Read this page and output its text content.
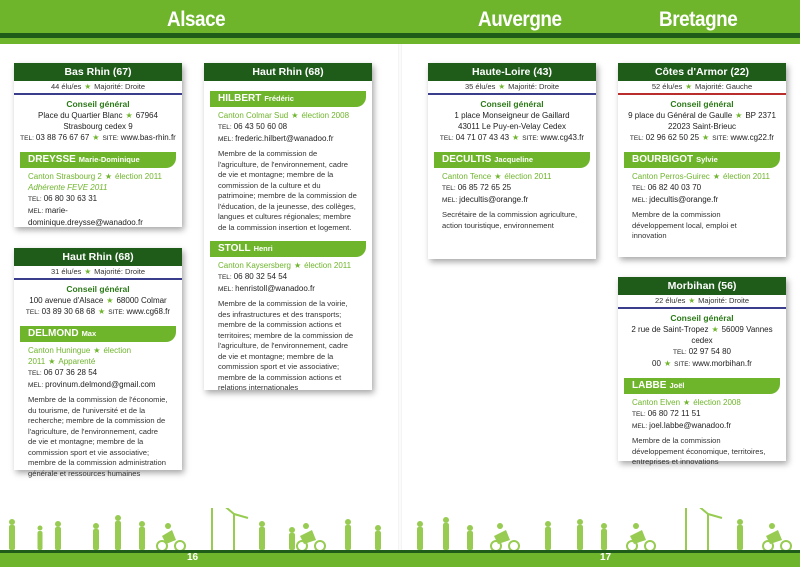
Alsace	Auvergne	Bretagne
Bas Rhin (67)
44 élu/es ★ Majorité: Droite
Conseil général
Place du Quartier Blanc ★ 67964 Strasbourg cedex 9
TEL: 03 88 76 67 67 ★ SITE: www.bas-rhin.fr
DREYSSE Marie-Dominique
Canton Strasbourg 2 ★ élection 2011
Adhérente FEVE 2011
TEL: 06 80 30 63 31
MEL: marie-dominique.dreysse@wanadoo.fr
Haut Rhin (68)
31 élu/es ★ Majorité: Droite
Conseil général
100 avenue d'Alsace ★ 68000 Colmar
TEL: 03 89 30 68 68 ★ SITE: www.cg68.fr
DELMOND Max
Canton Huningue ★ élection 2011 ★ Apparenté
TEL: 06 07 36 28 54
MEL: provinum.delmond@gmail.com
Membre de la commission de l'économie, du tourisme, de l'université et de la recherche; membre de la commission de l'agriculture, de l'environnement, cadre de vie et montagne; membre de la commission sport et vie associative; membre de la commission administration générale et ressources humaines
Haut Rhin (68)
HILBERT Frédéric
Canton Colmar Sud ★ élection 2008
TEL: 06 43 50 60 08
MEL: frederic.hilbert@wanadoo.fr
Membre de la commission de l'agriculture, de l'environnement, cadre de vie et montagne; membre de la commission de la culture et du patrimoine; membre de la commission de l'éducation, de la jeunesse, des collèges, langues et cultures régionales; membre de la commission insertion et logement.
STOLL Henri
Canton Kaysersberg ★ élection 2011
TEL: 06 80 32 54 54
MEL: henristoll@wanadoo.fr
Membre de la commission de la voirie, des infrastructures et des transports; membre de la commission actions et territoires; membre de la commission de l'agriculture, de l'environnement, cadre de vie et montagne; membre de la commission sport et vie associative; membre de la commission actions et relations internationales
Haute-Loire (43)
35 élu/es ★ Majorité: Droite
Conseil général
1 place Monseigneur de Gaillard
43011 Le Puy-en-Velay Cedex
TEL: 04 71 07 43 43 ★ SITE: www.cg43.fr
DECULTIS Jacqueline
Canton Tence ★ élection 2011
TEL: 06 85 72 65 25
MEL: jdecultis@orange.fr
Secrétaire de la commission agriculture, action touristique, environnement
Côtes d'Armor (22)
52 élu/es ★ Majorité: Gauche
Conseil général
9 place du Général de Gaulle ★ BP 2371
22023 Saint-Brieuc
TEL: 02 96 62 50 25 ★ SITE: www.cg22.fr
BOURBIGOT Sylvie
Canton Perros-Guirec ★ élection 2011
TEL: 06 82 40 03 70
MEL: jdecultis@orange.fr
Membre de la commission développement local, emploi et innovation
Morbihan (56)
22 élu/es ★ Majorité: Droite
Conseil général
2 rue de Saint-Tropez ★ 56009 Vannes cedex
TEL: 02 97 54 80 00 ★ SITE: www.morbihan.fr
LABBE Joël
Canton Elven ★ élection 2008
TEL: 06 80 72 11 51
MEL: joel.labbe@wanadoo.fr
Membre de la commission développement économique, territoires, entreprises et innovations
16	17
